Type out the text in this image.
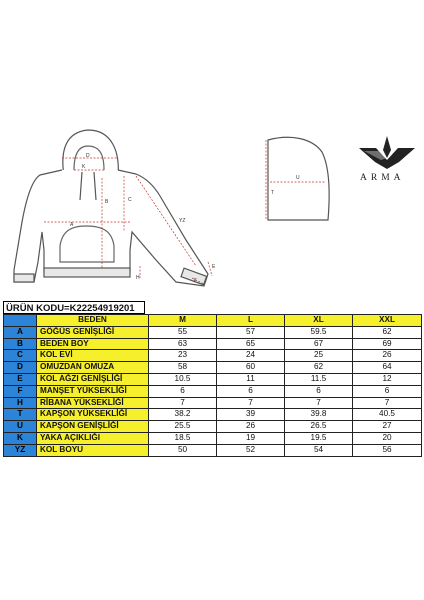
D
K
C
B
YZ
A
E
F
H
U
T
ARMA
ÜRÜN KODU=K22254919201
	BEDEN	M	L	XL	XXL
A	GÖĞÜS GENİŞLİĞİ	55	57	59.5	62
B	BEDEN BOY	63	65	67	69
C	KOL EVİ	23	24	25	26
D	OMUZDAN OMUZA	58	60	62	64
E	KOL AĞZI GENİŞLİĞİ	10.5	11	11.5	12
F	MANŞET YÜKSEKLİĞİ	6	6	6	6
H	RİBANA YÜKSEKLİĞİ	7	7	7	7
T	KAPŞON YÜKSEKLİĞİ	38.2	39	39.8	40.5
U	KAPŞON GENİŞLİĞİ	25.5	26	26.5	27
K	YAKA AÇIKLIĞI	18.5	19	19.5	20
YZ	KOL BOYU	50	52	54	56
